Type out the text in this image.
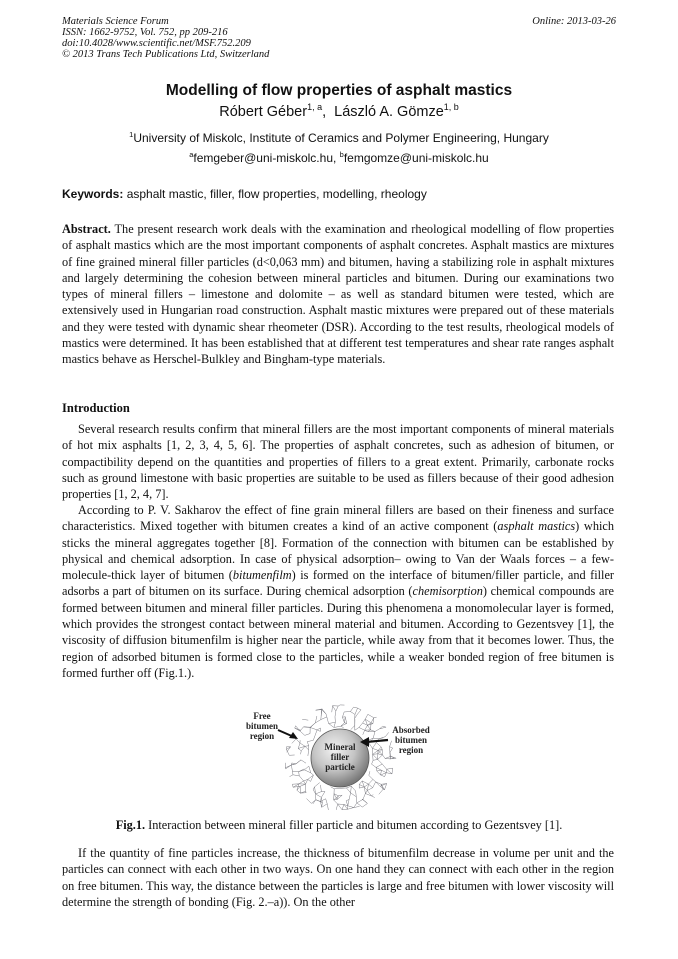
Materials Science Forum
ISSN: 1662-9752, Vol. 752, pp 209-216
doi:10.4028/www.scientific.net/MSF.752.209
© 2013 Trans Tech Publications Ltd, Switzerland
Online: 2013-03-26
Modelling of flow properties of asphalt mastics
Róbert Géber$^{1, a}$,  László A. Gömze$^{1, b}$
$^1$University of Miskolc, Institute of Ceramics and Polymer Engineering, Hungary
$^a$femgeber@uni-miskolc.hu, $^b$femgomze@uni-miskolc.hu
Keywords: asphalt mastic, filler, flow properties, modelling, rheology

Abstract. The present research work deals with the examination and rheological modelling of flow properties of asphalt mastics which are the most important components of asphalt concretes. Asphalt mastics are mixtures of fine grained mineral filler particles (d<0,063 mm) and bitumen, having a stabilizing role in asphalt mixtures and largely determining the cohesion between mineral particles and bitumen. During our examinations two types of mineral fillers – limestone and dolomite – as well as standard bitumen were tested, which are extensively used in Hungarian road construction. Asphalt mastic mixtures were prepared out of these materials and they were tested with dynamic shear rheometer (DSR). According to the test results, rheological models of mastics were determined. It has been established that at different test temperatures and shear rate ranges asphalt mastics behave as Herschel-Bulkley and Bingham-type materials.

Introduction

Several research results confirm that mineral fillers are the most important components of mineral materials of hot mix asphalts [1, 2, 3, 4, 5, 6]. The properties of asphalt concretes, such as adhesion of bitumen, or compactibility depend on the quantities and properties of fillers to a great extent. Primarily, carbonate rocks such as ground limestone with basic properties are suitable to be used as fillers because of their good adhesion properties [1, 2, 4, 7].

According to P. V. Sakharov the effect of fine grain mineral fillers are based on their fineness and surface characteristics. Mixed together with bitumen creates a kind of an active component (asphalt mastics) which sticks the mineral aggregates together [8]. Formation of the connection with bitumen can be established by physical and chemical adsorption. In case of physical adsorption– owing to Van der Waals forces – a few-molecule-thick layer of bitumen (bitumenfilm) is formed on the interface of bitumen/filler particle, and filler adsorbs a part of bitumen on its surface. During chemical adsorption (chemisorption) chemical compounds are formed between bitumen and mineral filler particles. During this phenomena a monomolecular layer is formed, which provides the strongest contact between mineral material and bitumen. According to Gezentsvey [1], the viscosity of diffusion bitumenfilm is higher near the particle, while away from that it becomes lower. Thus, the region of adsorbed bitumen is formed close to the particles, while a weaker bonded region of free bitumen is formed further off (Fig.1.).

Mineral
filler
particle
Free
bitumen
region
Absorbed
bitumen
region
Fig.1. Interaction between mineral filler particle and bitumen according to Gezentsvey [1].

If the quantity of fine particles increase, the thickness of bitumenfilm decrease in volume per unit and the particles can connect with each other in two ways. On one hand they can connect with each other in the region on free bitumen. This way, the distance between the particles is large and free bitumen with lower viscosity will determine the strength of bonding (Fig. 2.–a)). On the other
